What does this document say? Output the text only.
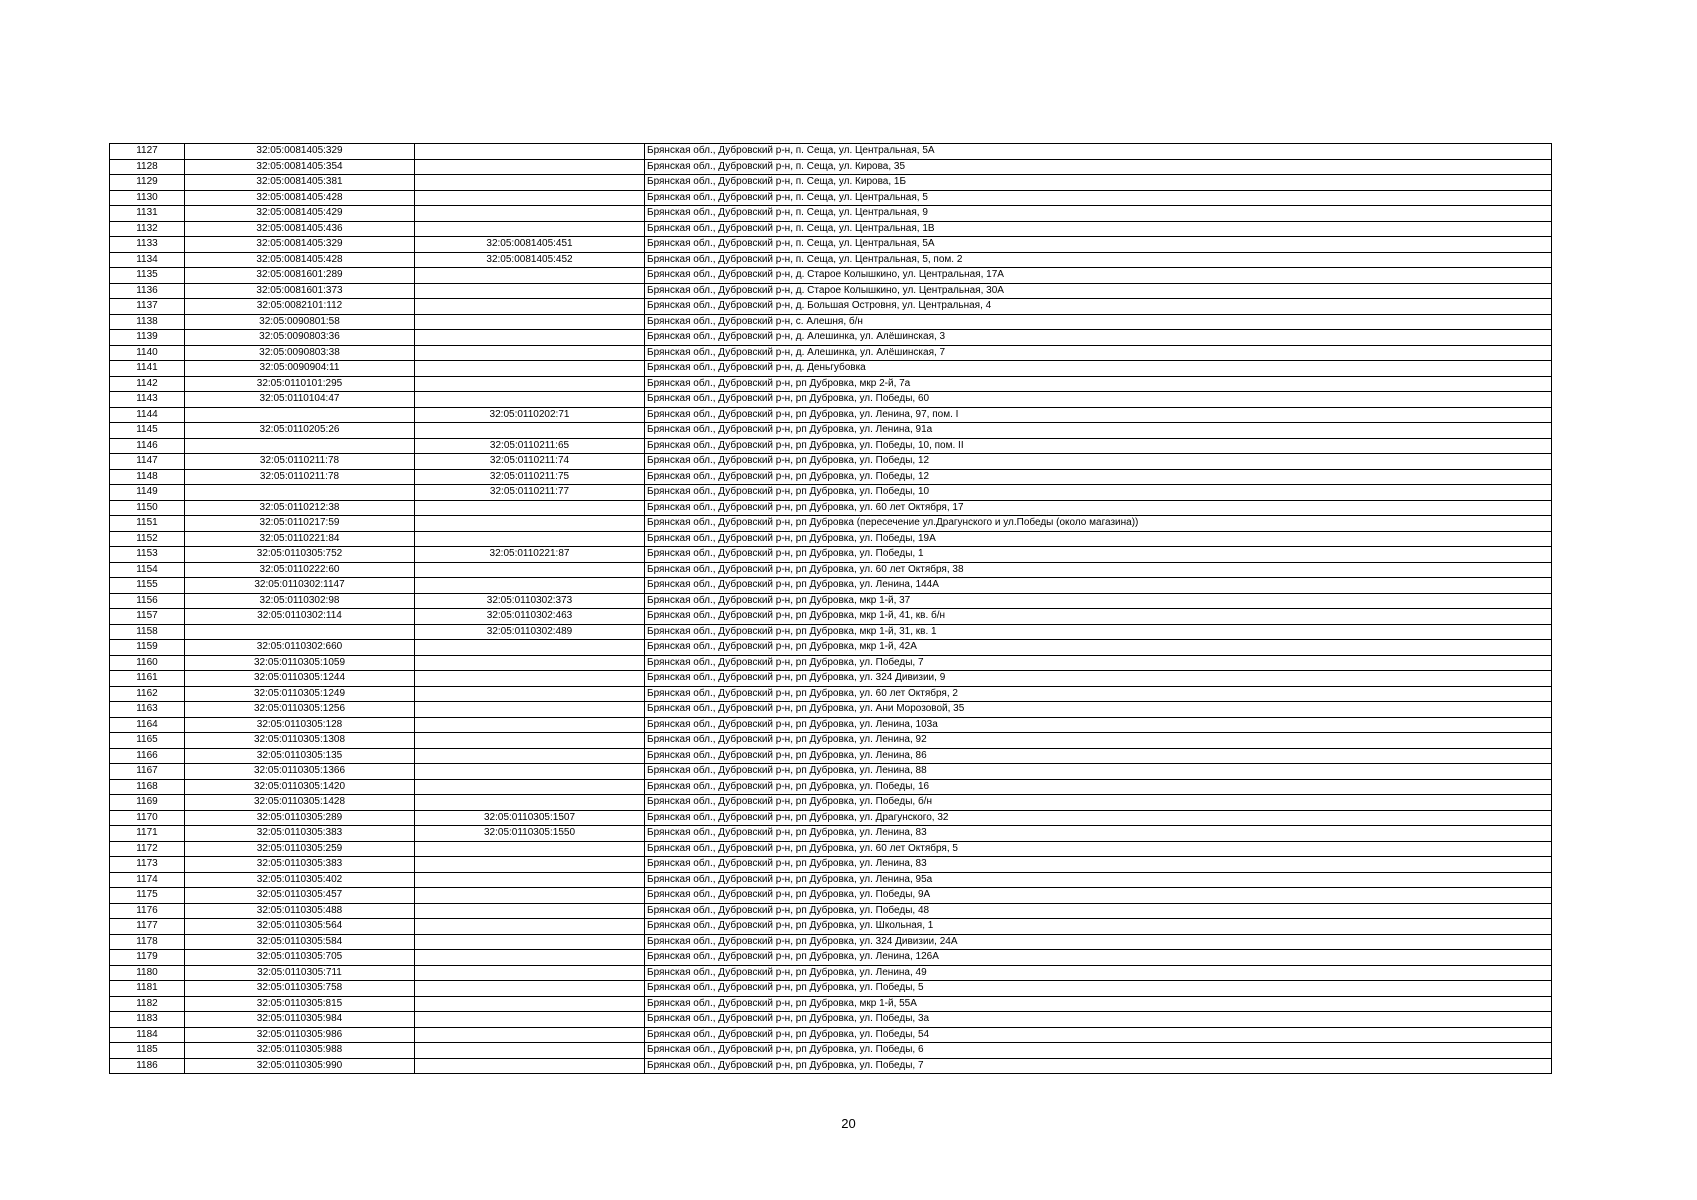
1127	32:05:0081405:329		Брянская обл., Дубровский р-н, п. Сеща, ул. Центральная, 5А
1128	32:05:0081405:354		Брянская обл., Дубровский р-н, п. Сеща, ул. Кирова, 35
1129	32:05:0081405:381		Брянская обл., Дубровский р-н, п. Сеща, ул. Кирова, 1Б
1130	32:05:0081405:428		Брянская обл., Дубровский р-н, п. Сеща, ул. Центральная, 5
1131	32:05:0081405:429		Брянская обл., Дубровский р-н, п. Сеща, ул. Центральная, 9
1132	32:05:0081405:436		Брянская обл., Дубровский р-н, п. Сеща, ул. Центральная, 1В
1133	32:05:0081405:329	32:05:0081405:451	Брянская обл., Дубровский р-н, п. Сеща, ул. Центральная, 5А
1134	32:05:0081405:428	32:05:0081405:452	Брянская обл., Дубровский р-н, п. Сеща, ул. Центральная, 5, пом. 2
1135	32:05:0081601:289		Брянская обл., Дубровский р-н, д. Старое Колышкино, ул. Центральная, 17А
1136	32:05:0081601:373		Брянская обл., Дубровский р-н, д. Старое Колышкино, ул. Центральная, 30А
1137	32:05:0082101:112		Брянская обл., Дубровский р-н, д. Большая Островня, ул. Центральная, 4
1138	32:05:0090801:58		Брянская обл., Дубровский р-н, с. Алешня, б/н
1139	32:05:0090803:36		Брянская обл., Дубровский р-н, д. Алешинка, ул. Алёшинская, 3
1140	32:05:0090803:38		Брянская обл., Дубровский р-н, д. Алешинка, ул. Алёшинская, 7
1141	32:05:0090904:11		Брянская обл., Дубровский р-н, д. Деньгубовка
1142	32:05:0110101:295		Брянская обл., Дубровский р-н, рп Дубровка, мкр 2-й, 7а
1143	32:05:0110104:47		Брянская обл., Дубровский р-н, рп Дубровка, ул. Победы, 60
1144		32:05:0110202:71	Брянская обл., Дубровский р-н, рп Дубровка, ул. Ленина, 97, пом. I
1145	32:05:0110205:26		Брянская обл., Дубровский р-н, рп Дубровка, ул. Ленина, 91а
1146		32:05:0110211:65	Брянская обл., Дубровский р-н, рп Дубровка, ул. Победы, 10, пом. II
1147	32:05:0110211:78	32:05:0110211:74	Брянская обл., Дубровский р-н, рп Дубровка, ул. Победы, 12
1148	32:05:0110211:78	32:05:0110211:75	Брянская обл., Дубровский р-н, рп Дубровка, ул. Победы, 12
1149		32:05:0110211:77	Брянская обл., Дубровский р-н, рп Дубровка, ул. Победы, 10
1150	32:05:0110212:38		Брянская обл., Дубровский р-н, рп Дубровка, ул. 60 лет Октября, 17
1151	32:05:0110217:59		Брянская обл., Дубровский р-н, рп Дубровка (пересечение ул.Драгунского и ул.Победы (около магазина))
1152	32:05:0110221:84		Брянская обл., Дубровский р-н, рп Дубровка, ул. Победы, 19А
1153	32:05:0110305:752	32:05:0110221:87	Брянская обл., Дубровский р-н, рп Дубровка, ул. Победы, 1
1154	32:05:0110222:60		Брянская обл., Дубровский р-н, рп Дубровка, ул. 60 лет Октября, 38
1155	32:05:0110302:1147		Брянская обл., Дубровский р-н, рп Дубровка, ул. Ленина, 144А
1156	32:05:0110302:98	32:05:0110302:373	Брянская обл., Дубровский р-н, рп Дубровка, мкр 1-й, 37
1157	32:05:0110302:114	32:05:0110302:463	Брянская обл., Дубровский р-н, рп Дубровка, мкр 1-й, 41, кв. б/н
1158		32:05:0110302:489	Брянская обл., Дубровский р-н, рп Дубровка, мкр 1-й, 31, кв. 1
1159	32:05:0110302:660		Брянская обл., Дубровский р-н, рп Дубровка, мкр 1-й, 42А
1160	32:05:0110305:1059		Брянская обл., Дубровский р-н, рп Дубровка, ул. Победы, 7
1161	32:05:0110305:1244		Брянская обл., Дубровский р-н, рп Дубровка, ул. 324 Дивизии, 9
1162	32:05:0110305:1249		Брянская обл., Дубровский р-н, рп Дубровка, ул. 60 лет Октября, 2
1163	32:05:0110305:1256		Брянская обл., Дубровский р-н, рп Дубровка, ул. Ани Морозовой, 35
1164	32:05:0110305:128		Брянская обл., Дубровский р-н, рп Дубровка, ул. Ленина, 103а
1165	32:05:0110305:1308		Брянская обл., Дубровский р-н, рп Дубровка, ул. Ленина, 92
1166	32:05:0110305:135		Брянская обл., Дубровский р-н, рп Дубровка, ул. Ленина, 86
1167	32:05:0110305:1366		Брянская обл., Дубровский р-н, рп Дубровка, ул. Ленина, 88
1168	32:05:0110305:1420		Брянская обл., Дубровский р-н, рп Дубровка, ул. Победы, 16
1169	32:05:0110305:1428		Брянская обл., Дубровский р-н, рп Дубровка, ул. Победы, б/н
1170	32:05:0110305:289	32:05:0110305:1507	Брянская обл., Дубровский р-н, рп Дубровка, ул. Драгунского, 32
1171	32:05:0110305:383	32:05:0110305:1550	Брянская обл., Дубровский р-н, рп Дубровка, ул. Ленина, 83
1172	32:05:0110305:259		Брянская обл., Дубровский р-н, рп Дубровка, ул. 60 лет Октября, 5
1173	32:05:0110305:383		Брянская обл., Дубровский р-н, рп Дубровка, ул. Ленина, 83
1174	32:05:0110305:402		Брянская обл., Дубровский р-н, рп Дубровка, ул. Ленина, 95а
1175	32:05:0110305:457		Брянская обл., Дубровский р-н, рп Дубровка, ул. Победы, 9А
1176	32:05:0110305:488		Брянская обл., Дубровский р-н, рп Дубровка, ул. Победы, 48
1177	32:05:0110305:564		Брянская обл., Дубровский р-н, рп Дубровка, ул. Школьная, 1
1178	32:05:0110305:584		Брянская обл., Дубровский р-н, рп Дубровка, ул. 324 Дивизии, 24А
1179	32:05:0110305:705		Брянская обл., Дубровский р-н, рп Дубровка, ул. Ленина, 126А
1180	32:05:0110305:711		Брянская обл., Дубровский р-н, рп Дубровка, ул. Ленина, 49
1181	32:05:0110305:758		Брянская обл., Дубровский р-н, рп Дубровка, ул. Победы, 5
1182	32:05:0110305:815		Брянская обл., Дубровский р-н, рп Дубровка, мкр 1-й, 55А
1183	32:05:0110305:984		Брянская обл., Дубровский р-н, рп Дубровка, ул. Победы, 3а
1184	32:05:0110305:986		Брянская обл., Дубровский р-н, рп Дубровка, ул. Победы, 54
1185	32:05:0110305:988		Брянская обл., Дубровский р-н, рп Дубровка, ул. Победы, 6
1186	32:05:0110305:990		Брянская обл., Дубровский р-н, рп Дубровка, ул. Победы, 7
20
